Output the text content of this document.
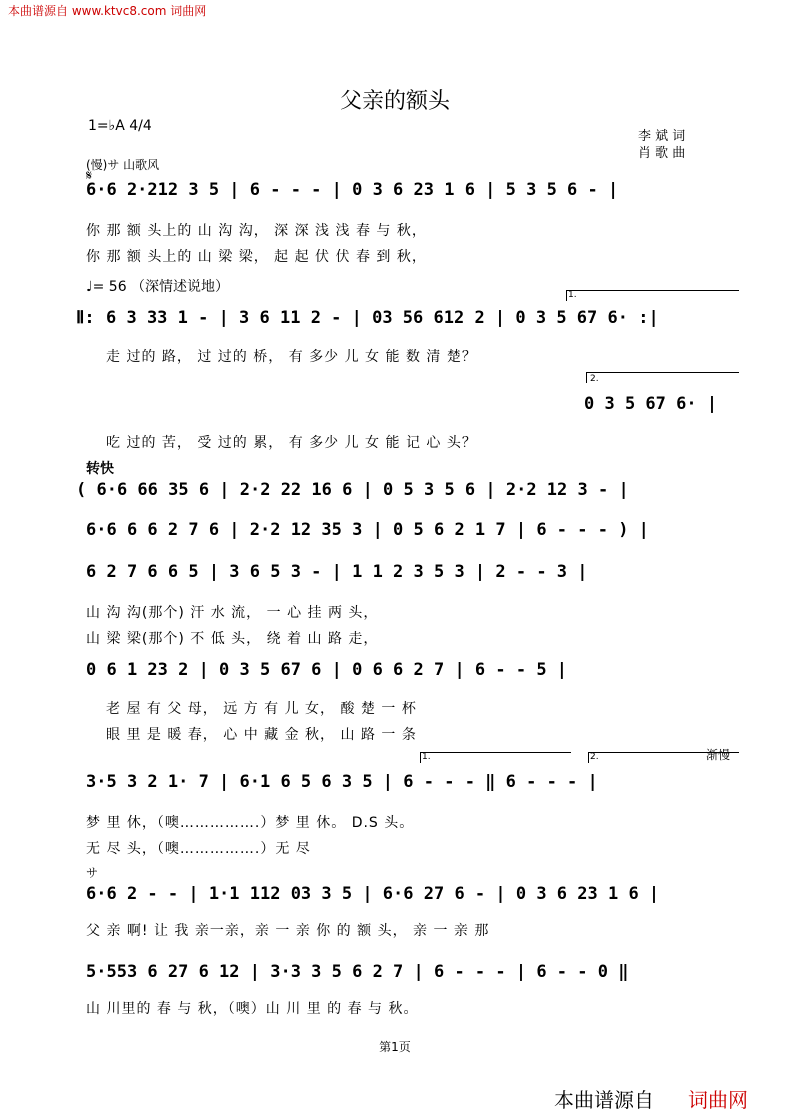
本曲谱源自 www.ktvc8.com 词曲网
父亲的额头
1=♭A 4/4
李 斌 词
肖 歌 曲
(慢)サ 山歌风
𝄋
6·6 2·212 3 5 | 6 - - - | 0 3 6 23 1 6 | 5 3 5 6 - |
你 那 额 头上的 山 沟 沟， 深 深 浅 浅 春 与 秋，
你 那 额 头上的 山 梁 梁， 起 起 伏 伏 春 到 秋，
♩= 56 （深情述说地）
Ⅱ: 6 3 33 1 - | 3 6 11 2 - | 03 56 612 2 | 0 3 5 67 6· :|
走 过的 路， 过 过的 桥， 有 多少 儿 女 能 数 清 楚？
1.
2.
0 3 5 67 6· |
吃 过的 苦， 受 过的 累， 有 多少 儿 女 能 记 心 头？
转快
( 6·6 66 35 6 | 2·2 22 16 6 | 0 5 3 5 6 | 2·2 12 3 - |
6·6 6 6 2 7 6 | 2·2 12 35 3 | 0 5 6 2 1 7 | 6 - - - ) |
6 2 7 6 6 5 | 3 6 5 3 - | 1 1 2 3 5 3 | 2 - - 3 |
山 沟 沟(那个) 汗 水 流， 一 心 挂 两 头，
山 梁 梁(那个) 不 低 头， 绕 着 山 路 走，
0 6 1 23 2 | 0 3 5 67 6 | 0 6 6 2 7 | 6 - - 5 |
老 屋 有 父 母， 远 方 有 儿 女， 酸 楚 一 杯
眼 里 是 暖 春， 心 中 藏 金 秋， 山 路 一 条
1.	2.	渐慢
3·5 3 2 1· 7 | 6·1 6 5 6 3 5 | 6 - - - ‖ 6 - - - |
梦 里 休，（噢…………….）梦 里 休。 D.S 头。
无 尽 头，（噢…………….）无 尽
サ
6·6 2 - - | 1·1 112 03 3 5 | 6·6 27 6 - | 0 3 6 23 1 6 |
父 亲 啊! 让 我 亲一亲，亲 一 亲 你 的 额 头， 亲 一 亲 那
5·553 6 27 6 12 | 3·3 3 5 6 2 7 | 6 - - - | 6 - - 0 ‖
山 川里的 春 与 秋，（噢）山 川 里 的 春 与 秋。
第1页
本曲谱源自 词曲网
